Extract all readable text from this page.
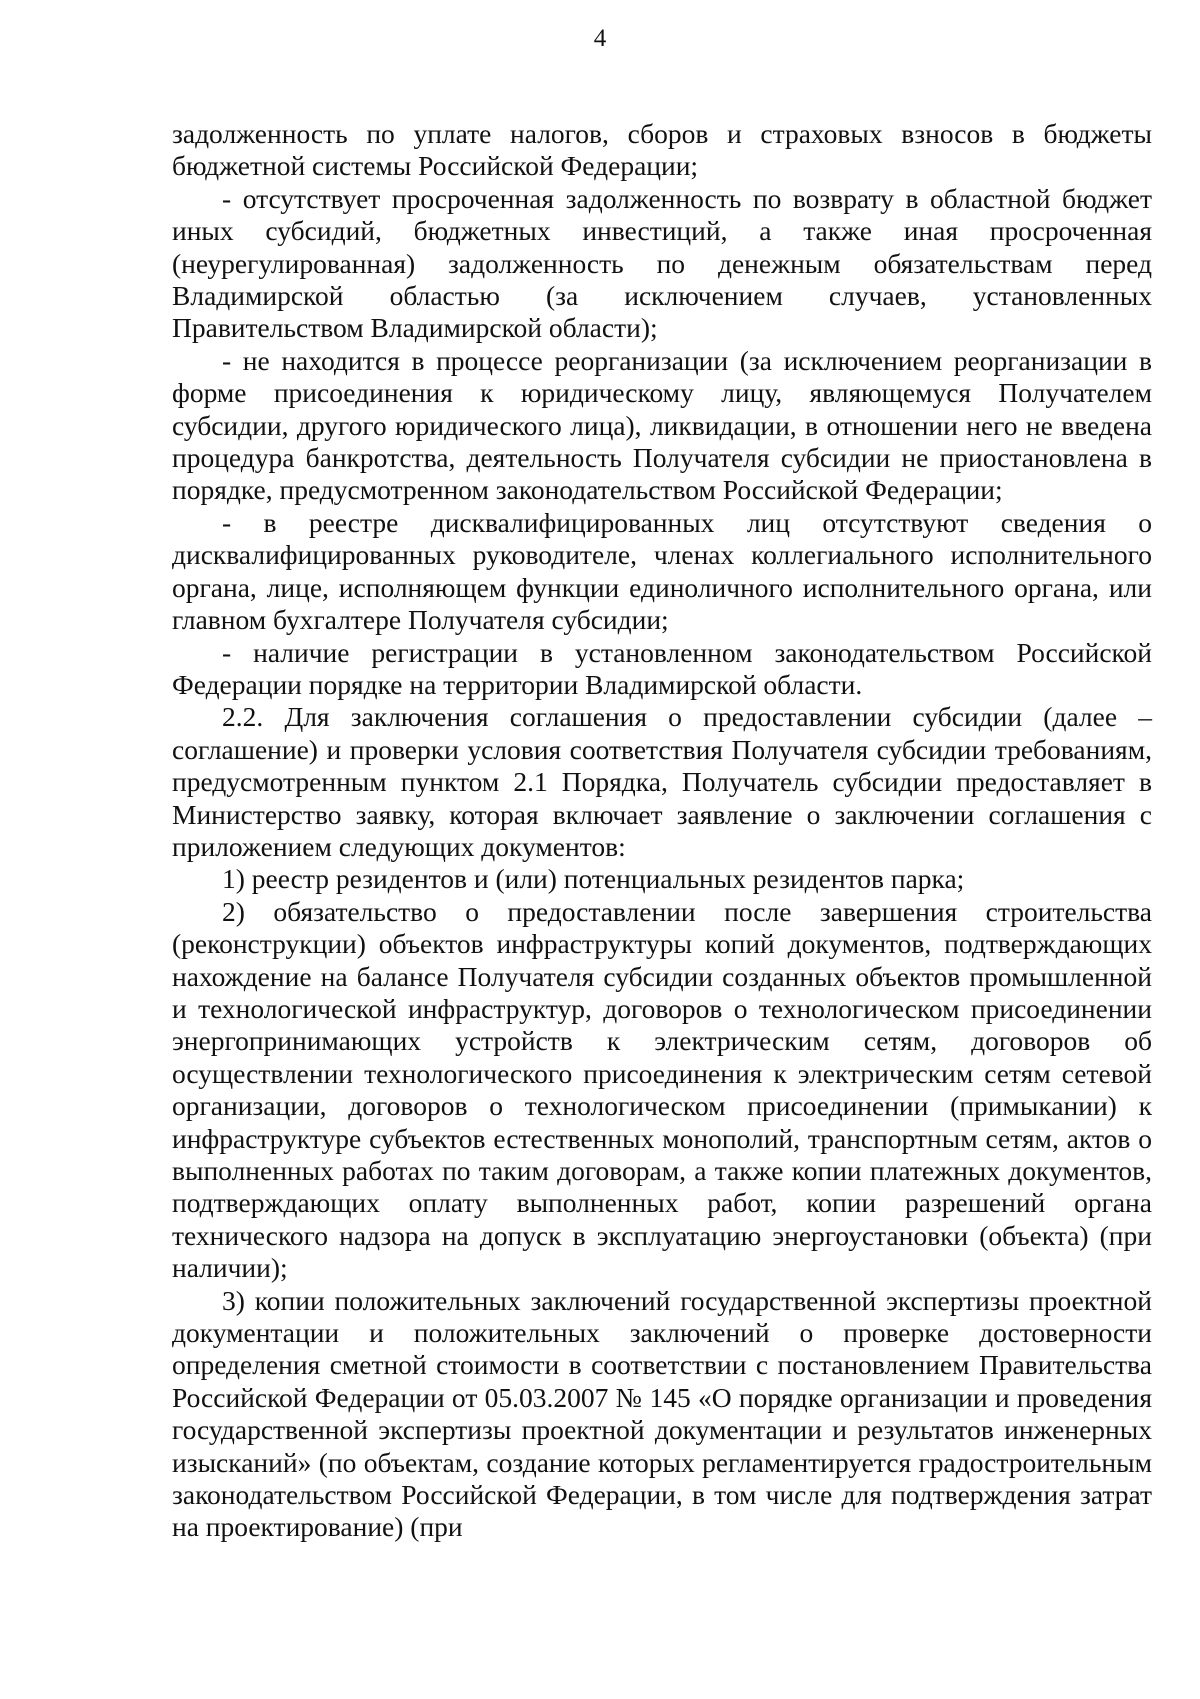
4

задолженность по уплате налогов, сборов и страховых взносов в бюджеты бюджетной системы Российской Федерации;

- отсутствует просроченная задолженность по возврату в областной бюджет иных субсидий, бюджетных инвестиций, а также иная просроченная (неурегулированная) задолженность по денежным обязательствам перед Владимирской областью (за исключением случаев, установленных Правительством Владимирской области);

- не находится в процессе реорганизации (за исключением реорганизации в форме присоединения к юридическому лицу, являющемуся Получателем субсидии, другого юридического лица), ликвидации, в отношении него не введена процедура банкротства, деятельность Получателя субсидии не приостановлена в порядке, предусмотренном законодательством Российской Федерации;

- в реестре дисквалифицированных лиц отсутствуют сведения о дисквалифицированных руководителе, членах коллегиального исполнительного органа, лице, исполняющем функции единоличного исполнительного органа, или главном бухгалтере Получателя субсидии;

- наличие регистрации в установленном законодательством Российской Федерации порядке на территории Владимирской области.

2.2. Для заключения соглашения о предоставлении субсидии (далее – соглашение) и проверки условия соответствия Получателя субсидии требованиям, предусмотренным пунктом 2.1 Порядка, Получатель субсидии предоставляет в Министерство заявку, которая включает заявление о заключении соглашения с приложением следующих документов:

1) реестр резидентов и (или) потенциальных резидентов парка;

2) обязательство о предоставлении после завершения строительства (реконструкции) объектов инфраструктуры копий документов, подтверждающих нахождение на балансе Получателя субсидии созданных объектов промышленной и технологической инфраструктур, договоров о технологическом присоединении энергопринимающих устройств к электрическим сетям, договоров об осуществлении технологического присоединения к электрическим сетям сетевой организации, договоров о технологическом присоединении (примыкании) к инфраструктуре субъектов естественных монополий, транспортным сетям, актов о выполненных работах по таким договорам, а также копии платежных документов, подтверждающих оплату выполненных работ, копии разрешений органа технического надзора на допуск в эксплуатацию энергоустановки (объекта) (при наличии);

3) копии положительных заключений государственной экспертизы проектной документации и положительных заключений о проверке достоверности определения сметной стоимости в соответствии с постановлением Правительства Российской Федерации от 05.03.2007 № 145 «О порядке организации и проведения государственной экспертизы проектной документации и результатов инженерных изысканий» (по объектам, создание которых регламентируется градостроительным законодательством Российской Федерации, в том числе для подтверждения затрат на проектирование) (при
